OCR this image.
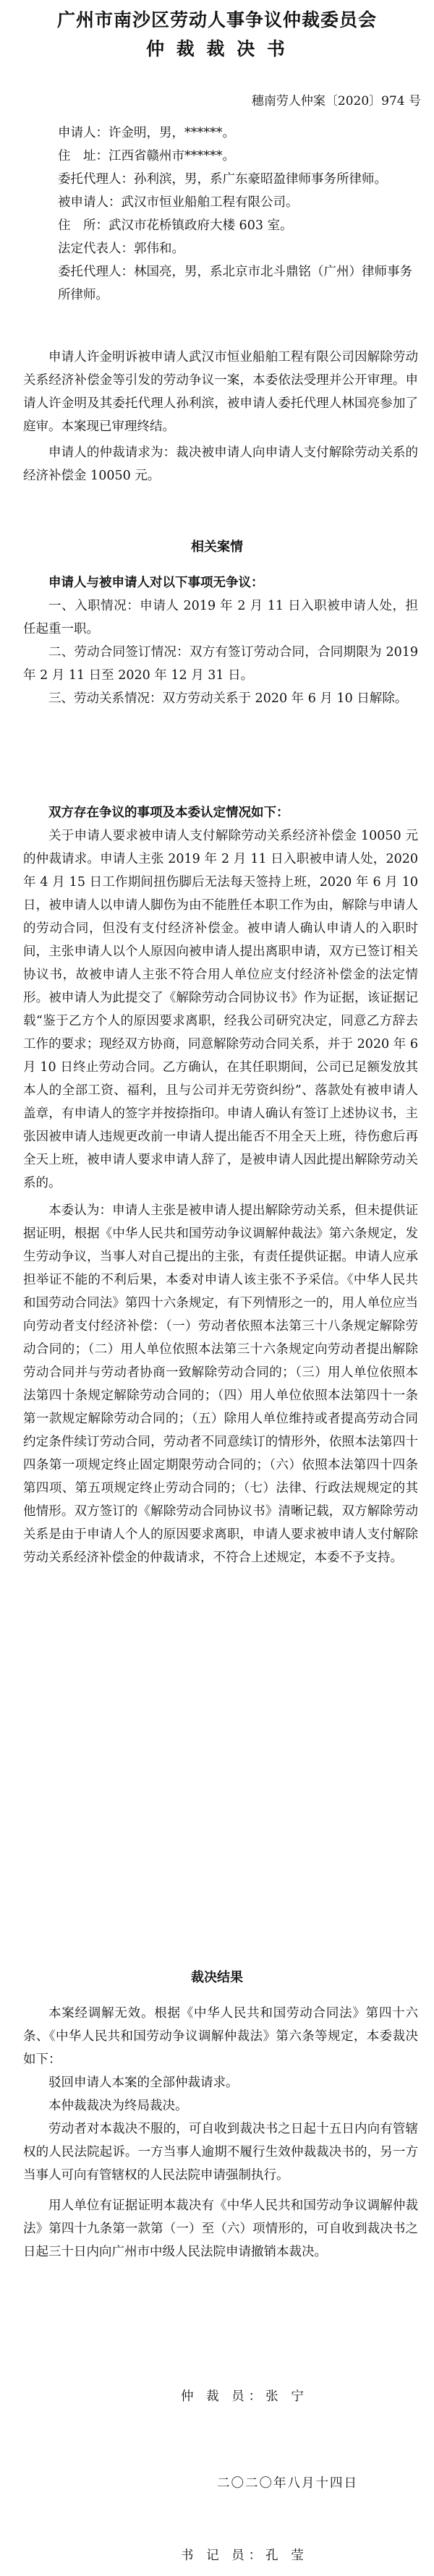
广州市南沙区劳动人事争议仲裁委员会
仲 裁 裁 决 书
穗南劳人仲案〔2020〕974 号

申请人：许金明，男，******。

住　址：江西省赣州市******。

委托代理人：孙利滨，男，系广东豪昭盈律师事务所律师。

被申请人：武汉市恒业船舶工程有限公司。

住　所：武汉市花桥镇政府大楼 603 室。

法定代表人：郭伟和。

委托代理人：林国亮，男，系北京市北斗鼎铭（广州）律师事务所律师。

申请人许金明诉被申请人武汉市恒业船舶工程有限公司因解除劳动关系经济补偿金等引发的劳动争议一案，本委依法受理并公开审理。申请人许金明及其委托代理人孙利滨，被申请人委托代理人林国亮参加了庭审。本案现已审理终结。

申请人的仲裁请求为：裁决被申请人向申请人支付解除劳动关系的经济补偿金 10050 元。

相关案情

申请人与被申请人对以下事项无争议：

一、入职情况：申请人 2019 年 2 月 11 日入职被申请人处，担任起重一职。

二、劳动合同签订情况：双方有签订劳动合同，合同期限为 2019 年 2 月 11 日至 2020 年 12 月 31 日。

三、劳动关系情况：双方劳动关系于 2020 年 6 月 10 日解除。

双方存在争议的事项及本委认定情况如下：

关于申请人要求被申请人支付解除劳动关系经济补偿金 10050 元的仲裁请求。申请人主张 2019 年 2 月 11 日入职被申请人处，2020 年 4 月 15 日工作期间扭伤脚后无法每天签持上班，2020 年 6 月 10 日，被申请人以申请人脚伤为由不能胜任本职工作为由，解除与申请人的劳动合同，但没有支付经济补偿金。被申请人确认申请人的入职时间，主张申请人以个人原因向被申请人提出离职申请，双方已签订相关协议书，故被申请人主张不符合用人单位应支付经济补偿金的法定情形。被申请人为此提交了《解除劳动合同协议书》作为证据，该证据记载“鉴于乙方个人的原因要求离职，经我公司研究决定，同意乙方辞去工作的要求；现经双方协商，同意解除劳动合同关系，并于 2020 年 6 月 10 日终止劳动合同。乙方确认，在其任职期间，公司已足额发放其本人的全部工资、福利，且与公司并无劳资纠纷”、落款处有被申请人盖章，有申请人的签字并按捺指印。申请人确认有签订上述协议书，主张因被申请人违规更改前一申请人提出能否不用全天上班，待伤愈后再全天上班，被申请人要求申请人辞了，是被申请人因此提出解除劳动关系的。

本委认为：申请人主张是被申请人提出解除劳动关系，但未提供证据证明，根据《中华人民共和国劳动争议调解仲裁法》第六条规定，发生劳动争议，当事人对自己提出的主张，有责任提供证据。申请人应承担举证不能的不利后果，本委对申请人该主张不予采信。《中华人民共和国劳动合同法》第四十六条规定，有下列情形之一的，用人单位应当向劳动者支付经济补偿：（一）劳动者依照本法第三十八条规定解除劳动合同的；（二）用人单位依照本法第三十六条规定向劳动者提出解除劳动合同并与劳动者协商一致解除劳动合同的；（三）用人单位依照本法第四十条规定解除劳动合同的；（四）用人单位依照本法第四十一条第一款规定解除劳动合同的；（五）除用人单位维持或者提高劳动合同约定条件续订劳动合同，劳动者不同意续订的情形外，依照本法第四十四条第一项规定终止固定期限劳动合同的；（六）依照本法第四十四条第四项、第五项规定终止劳动合同的；（七）法律、行政法规规定的其他情形。双方签订的《解除劳动合同协议书》清晰记载，双方解除劳动关系是由于申请人个人的原因要求离职，申请人要求被申请人支付解除劳动关系经济补偿金的仲裁请求，不符合上述规定，本委不予支持。

裁决结果

本案经调解无效。根据《中华人民共和国劳动合同法》第四十六条、《中华人民共和国劳动争议调解仲裁法》第六条等规定，本委裁决如下：

驳回申请人本案的全部仲裁请求。

本仲裁裁决为终局裁决。

劳动者对本裁决不服的，可自收到裁决书之日起十五日内向有管辖权的人民法院起诉。一方当事人逾期不履行生效仲裁裁决书的，另一方当事人可向有管辖权的人民法院申请强制执行。

用人单位有证据证明本裁决有《中华人民共和国劳动争议调解仲裁法》第四十九条第一款第（一）至（六）项情形的，可自收到裁决书之日起三十日内向广州市中级人民法院申请撤销本裁决。

仲 裁 员：张 宁
二〇二〇年八月十四日
书 记 员：孔 莹
